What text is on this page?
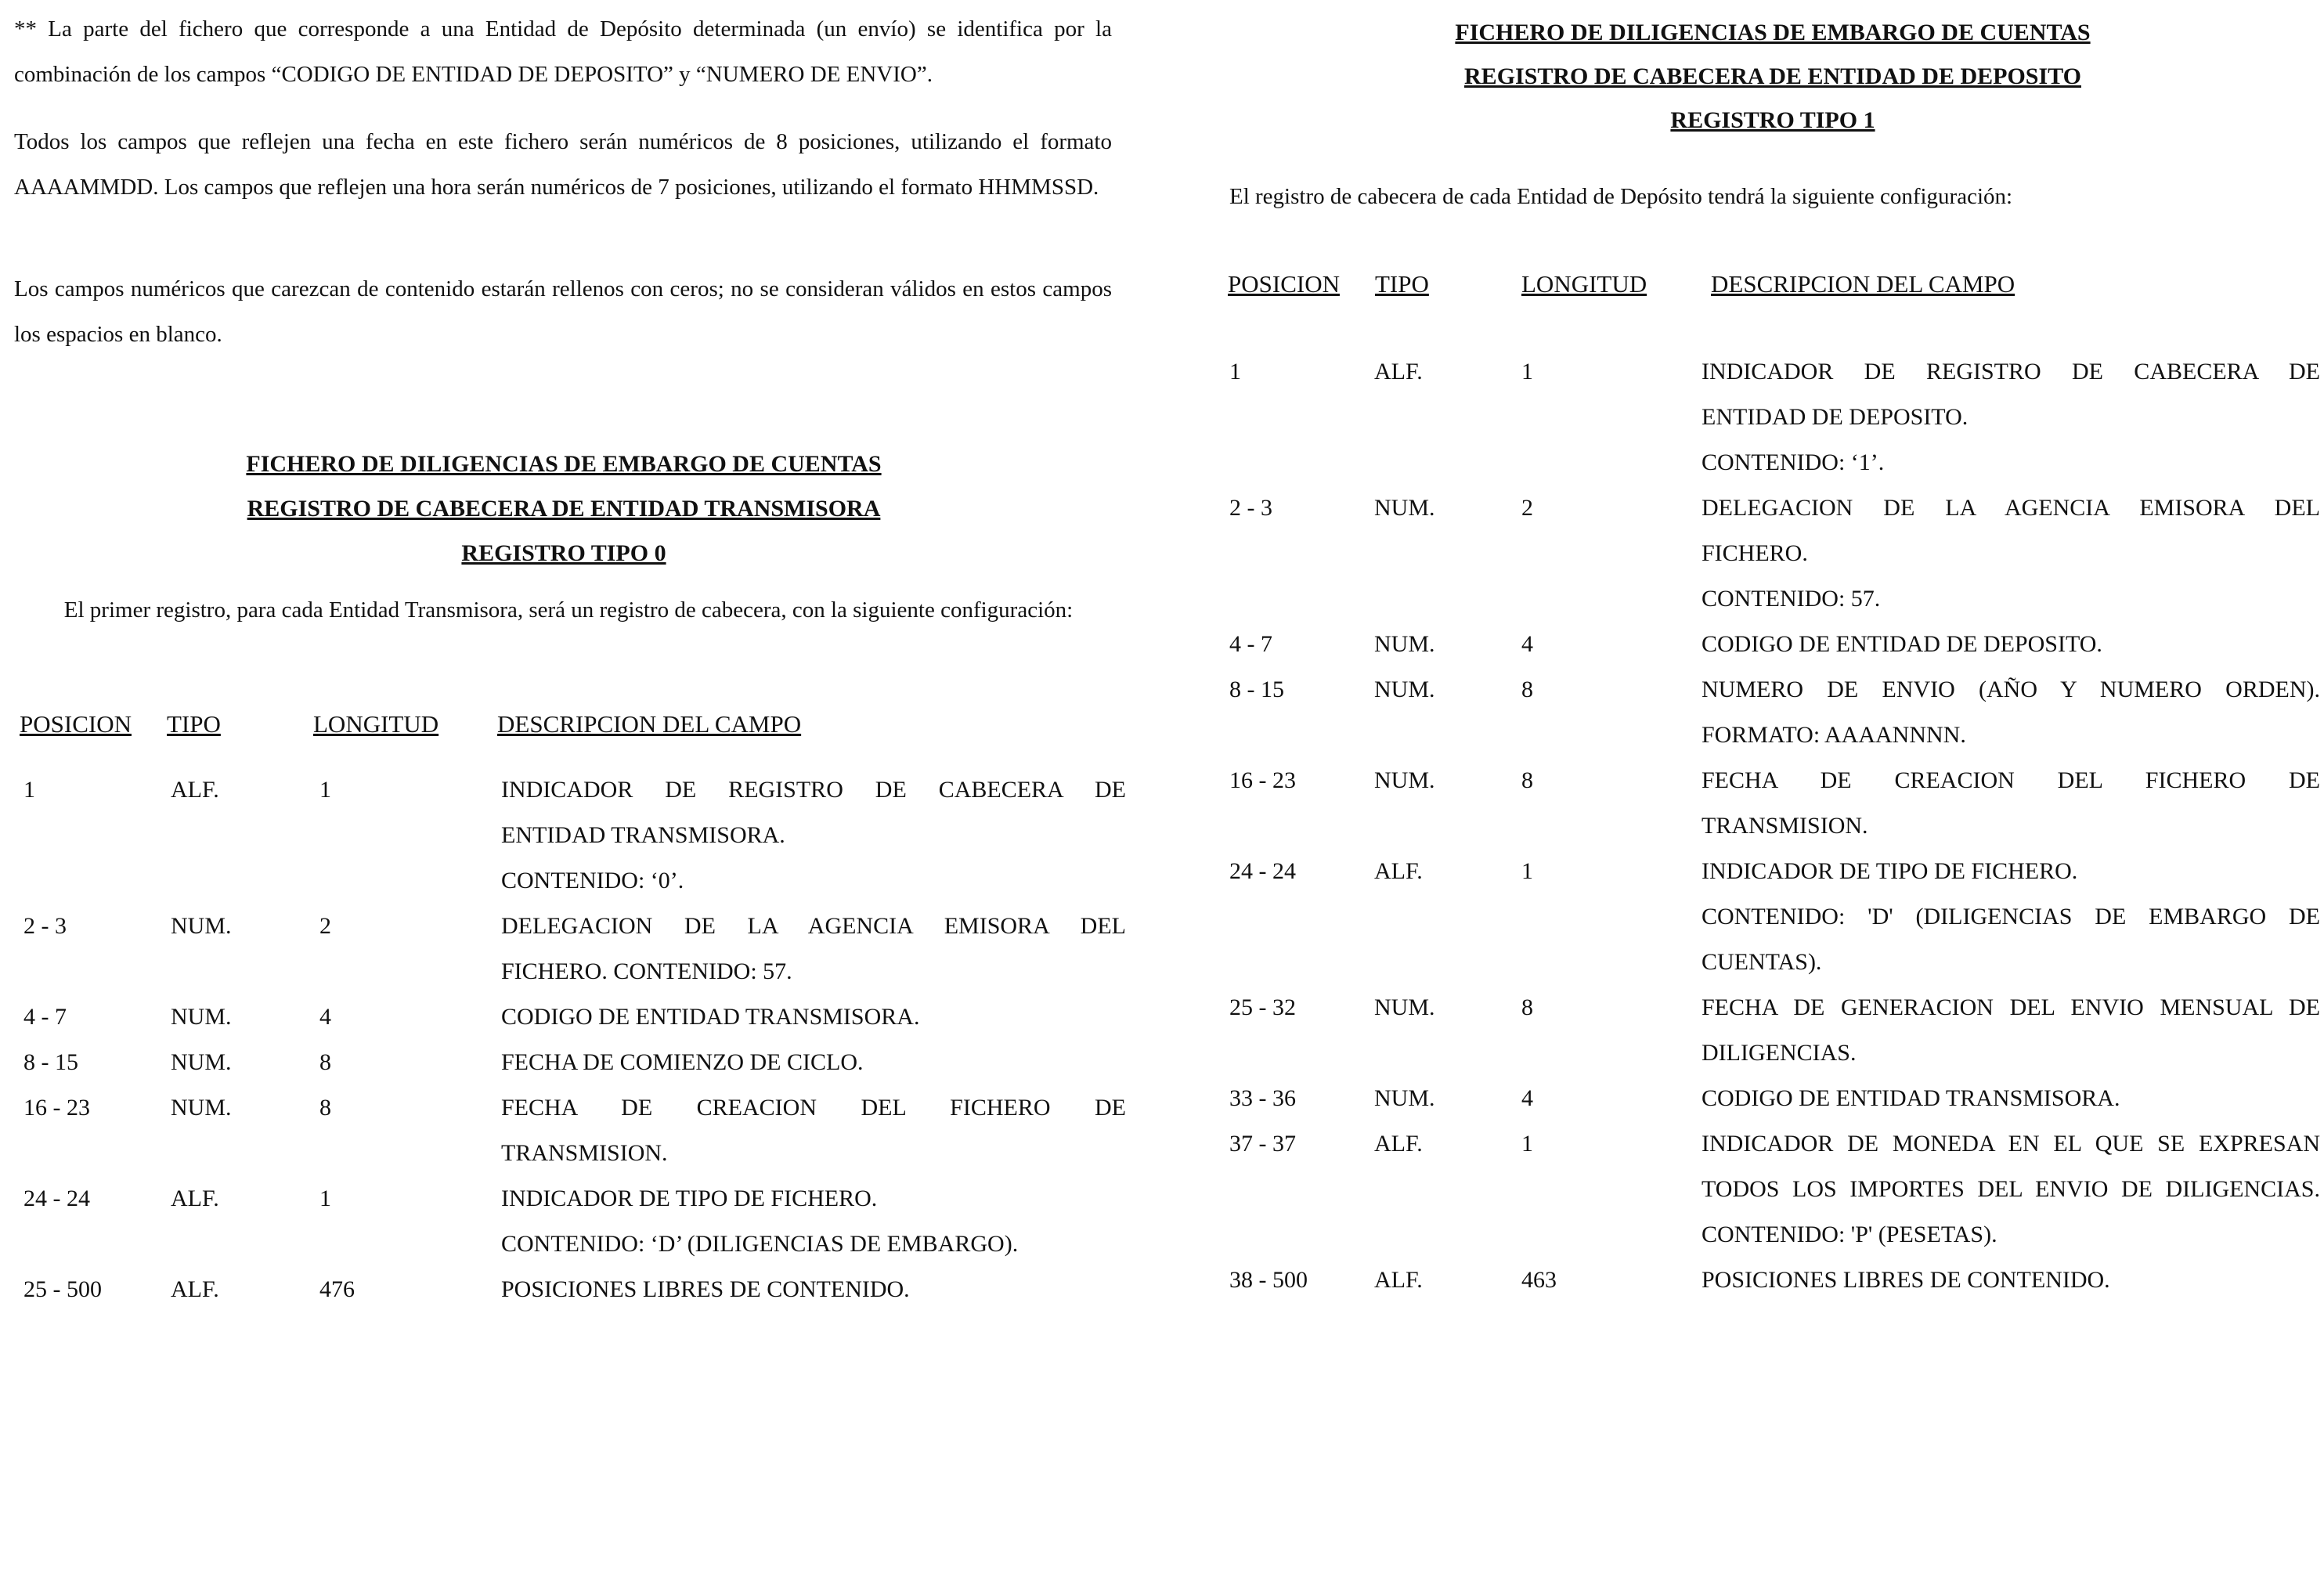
** La parte del fichero que corresponde a una Entidad de Depósito determinada (un envío) se identifica por la combinación de los campos “CODIGO DE ENTIDAD DE DEPOSITO” y “NUMERO DE ENVIO”.

Todos los campos que reflejen una fecha en este fichero serán numéricos de 8 posiciones, utilizando el formato AAAAMMDD. Los campos que reflejen una hora serán numéricos de 7 posiciones, utilizando el formato HHMMSSD.

Los campos numéricos que carezcan de contenido estarán rellenos con ceros; no se consideran válidos en estos campos los espacios en blanco.

FICHERO DE DILIGENCIAS DE EMBARGO DE CUENTAS
REGISTRO DE CABECERA DE ENTIDAD TRANSMISORA
REGISTRO TIPO 0

El primer registro, para cada Entidad Transmisora, será un registro de cabecera, con la siguiente configuración:

POSICION TIPO	LONGITUD DESCRIPCION DEL CAMPO
1	ALF.	1	INDICADOR DE REGISTRO DE CABECERA DE
ENTIDAD TRANSMISORA.
CONTENIDO: ‘0’.
2 - 3	NUM.	2	DELEGACION DE LA AGENCIA EMISORA DEL
FICHERO. CONTENIDO: 57.
4 - 7	NUM.	4	CODIGO DE ENTIDAD TRANSMISORA.
8 - 15	NUM.	8	FECHA DE COMIENZO DE CICLO.
16 - 23	NUM.	8	FECHA DE CREACION DEL FICHERO DE
TRANSMISION.
24 - 24	ALF.	1	INDICADOR DE TIPO DE FICHERO.
CONTENIDO: ‘D’ (DILIGENCIAS DE EMBARGO).
25 - 500	ALF.	476	POSICIONES LIBRES DE CONTENIDO.
FICHERO DE DILIGENCIAS DE EMBARGO DE CUENTAS
REGISTRO DE CABECERA DE ENTIDAD DE DEPOSITO
REGISTRO TIPO 1

El registro de cabecera de cada Entidad de Depósito tendrá la siguiente configuración:

POSICION TIPO	LONGITUD	DESCRIPCION DEL CAMPO
1	ALF.	1	INDICADOR DE REGISTRO DE CABECERA DE
ENTIDAD DE DEPOSITO.
CONTENIDO: ‘1’.
2 - 3	NUM.	2	DELEGACION DE LA AGENCIA EMISORA DEL
FICHERO.
CONTENIDO: 57.
4 - 7	NUM.	4	CODIGO DE ENTIDAD DE DEPOSITO.
8 - 15	NUM.	8	NUMERO DE ENVIO (AÑO Y NUMERO ORDEN).
FORMATO: AAAANNNN.
16 - 23	NUM.	8	FECHA DE CREACION DEL FICHERO DE
TRANSMISION.
24 - 24	ALF.	1	INDICADOR DE TIPO DE FICHERO.
CONTENIDO: 'D' (DILIGENCIAS DE EMBARGO DE
CUENTAS).
25 - 32	NUM.	8	FECHA DE GENERACION DEL ENVIO MENSUAL DE
DILIGENCIAS.
33 - 36	NUM.	4	CODIGO DE ENTIDAD TRANSMISORA.
37 - 37	ALF.	1	INDICADOR DE MONEDA EN EL QUE SE EXPRESAN
TODOS LOS IMPORTES DEL ENVIO DE DILIGENCIAS.
CONTENIDO: 'P' (PESETAS).
38 - 500	ALF.	463	POSICIONES LIBRES DE CONTENIDO.
